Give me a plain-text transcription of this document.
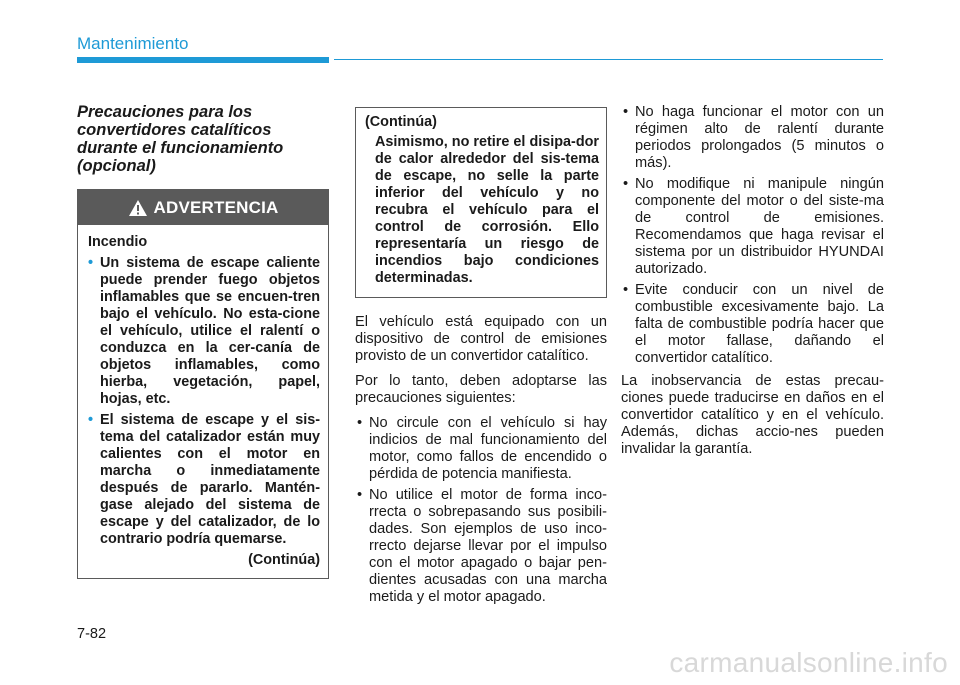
Mantenimiento
Precauciones para los convertidores catalíticos durante el funcionamiento (opcional)
ADVERTENCIA
Incendio
• Un sistema de escape caliente puede prender fuego objetos inflamables que se encuen-tren bajo el vehículo. No esta-cione el vehículo, utilice el ralentí o conduzca en la cer-canía de objetos inflamables, como hierba, vegetación, papel, hojas, etc.
• El sistema de escape y el sis-tema del catalizador están muy calientes con el motor en marcha o inmediatamente después de pararlo. Mantén-gase alejado del sistema de escape y del catalizador, de lo contrario podría quemarse.
(Continúa)
(Continúa)
Asimismo, no retire el disipa-dor de calor alrededor del sis-tema de escape, no selle la parte inferior del vehículo y no recubra el vehículo para el control de corrosión. Ello representaría un riesgo de incendios bajo condiciones determinadas.

El vehículo está equipado con un dispositivo de control de emisiones provisto de un convertidor catalítico.

Por lo tanto, deben adoptarse las precauciones siguientes:

• No circule con el vehículo si hay indicios de mal funcionamiento del motor, como fallos de encendido o pérdida de potencia manifiesta.
• No utilice el motor de forma inco-rrecta o sobrepasando sus posibili-dades. Son ejemplos de uso inco-rrecto dejarse llevar por el impulso con el motor apagado o bajar pen-dientes acusadas con una marcha metida y el motor apagado.
• No haga funcionar el motor con un régimen alto de ralentí durante periodos prolongados (5 minutos o más).
• No modifique ni manipule ningún componente del motor o del siste-ma de control de emisiones. Recomendamos que haga revisar el sistema por un distribuidor HYUNDAI autorizado.
• Evite conducir con un nivel de combustible excesivamente bajo. La falta de combustible podría hacer que el motor fallase, dañando el convertidor catalítico.

La inobservancia de estas precau-ciones puede traducirse en daños en el convertidor catalítico y en el vehículo. Además, dichas accio-nes pueden invalidar la garantía.

7-82
carmanualsonline.info
